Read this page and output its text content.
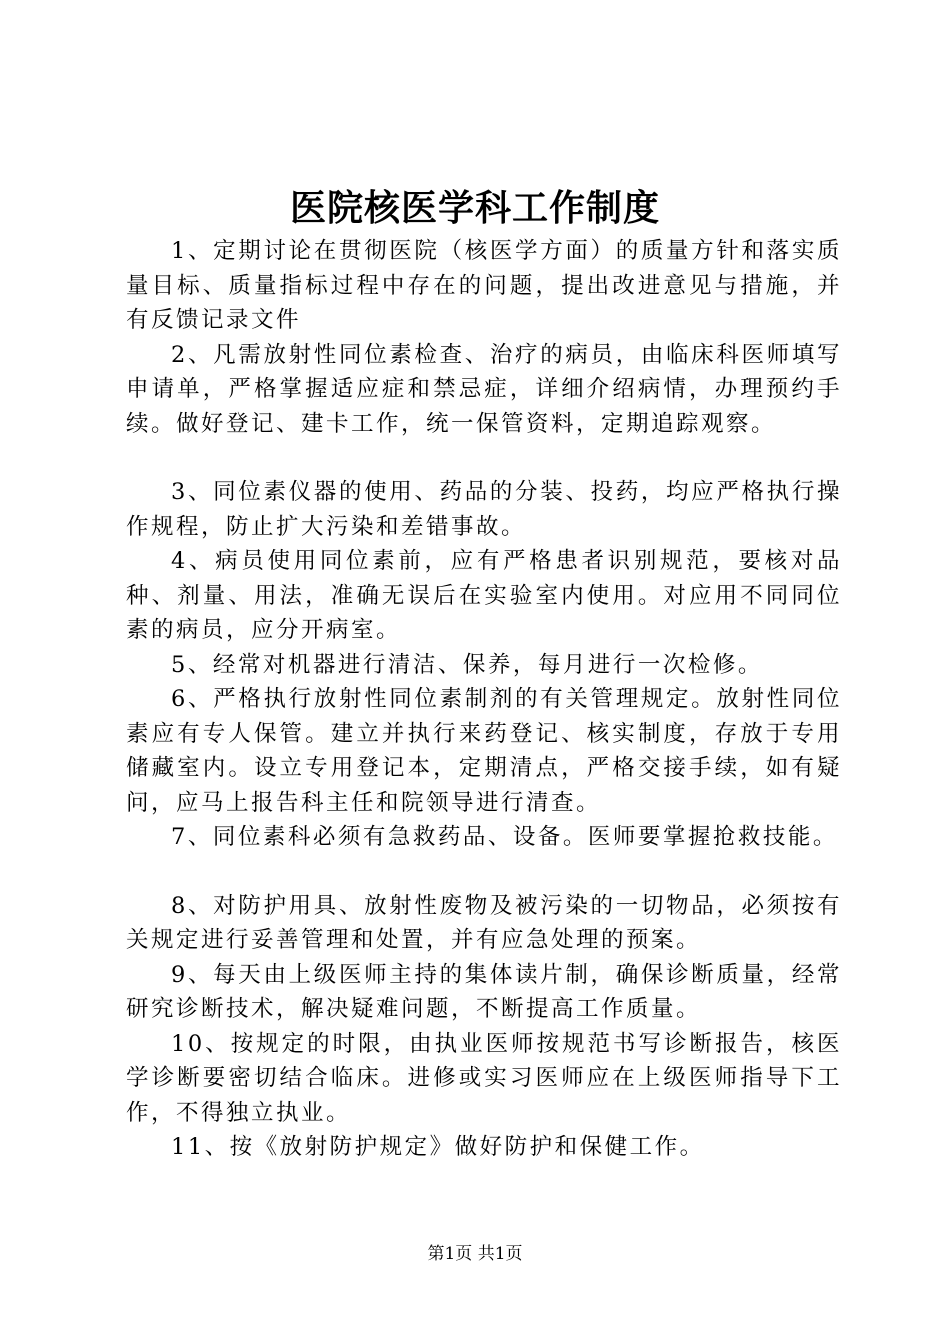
医院核医学科工作制度

1、定期讨论在贯彻医院（核医学方面）的质量方针和落实质量目标、质量指标过程中存在的问题，提出改进意见与措施，并有反馈记录文件

2、凡需放射性同位素检查、治疗的病员，由临床科医师填写申请单，严格掌握适应症和禁忌症，详细介绍病情，办理预约手续。做好登记、建卡工作，统一保管资料，定期追踪观察。

3、同位素仪器的使用、药品的分装、投药，均应严格执行操作规程，防止扩大污染和差错事故。

4、病员使用同位素前，应有严格患者识别规范，要核对品种、剂量、用法，准确无误后在实验室内使用。对应用不同同位素的病员，应分开病室。

5、经常对机器进行清洁、保养，每月进行一次检修。

6、严格执行放射性同位素制剂的有关管理规定。放射性同位素应有专人保管。建立并执行来药登记、核实制度，存放于专用储藏室内。设立专用登记本，定期清点，严格交接手续，如有疑问，应马上报告科主任和院领导进行清查。

7、同位素科必须有急救药品、设备。医师要掌握抢救技能。

8、对防护用具、放射性废物及被污染的一切物品，必须按有关规定进行妥善管理和处置，并有应急处理的预案。

9、每天由上级医师主持的集体读片制，确保诊断质量，经常研究诊断技术，解决疑难问题，不断提高工作质量。

10、按规定的时限，由执业医师按规范书写诊断报告，核医学诊断要密切结合临床。进修或实习医师应在上级医师指导下工作，不得独立执业。

11、按《放射防护规定》做好防护和保健工作。

第1页 共1页
